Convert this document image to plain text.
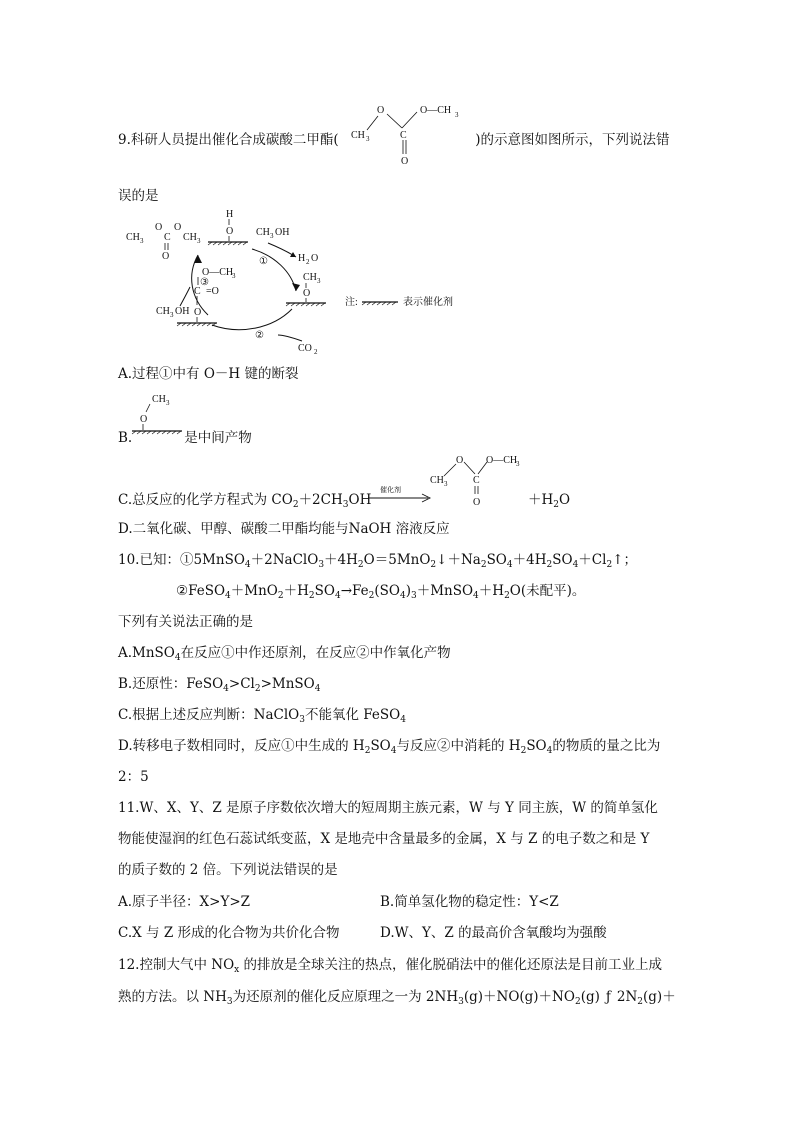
9.科研人员提出催化合成碳酸二甲酯(	)的示意图如图所示，下列说法错
O	O—CH 3
CH 3	C
O
误的是
CH 3
O
C
O
CH 3
O
H
O CH 3 OH
H 2 O
①
CH 3
O
CO 2
②
O—CH
3
C =O
O
③
CH 3 OH
注:	表示催化剂
A.过程①中有 O－H 键的断裂
CH 3
O
B.	是中间产物
C.总反应的化学方程式为 $CO_2+2CH_3OH$
催化剂
O O—CH
3
CH 3	C
O	$+H_2O$
D.二氧化碳、甲醇、碳酸二甲酯均能与NaOH 溶液反应
10.已知：$①5MnSO_4+2NaClO_3+4H_2O=5MnO_2↓+Na_2SO_4+4H_2SO_4+Cl_2↑$；
$②FeSO_4+MnO_2+H_2SO_4\to Fe_2(SO_4)_3+MnSO_4+H_2O$(未配平)。
下列有关说法正确的是
A.MnSO$_4$在反应①中作还原剂，在反应②中作氧化产物
B.还原性：$FeSO_4>Cl_2>MnSO_4$
C.根据上述反应判断：NaClO$_3$不能氧化 FeSO$_4$
D.转移电子数相同时，反应①中生成的 $H_2SO_4$与反应②中消耗的 $H_2SO_4$的物质的量之比为
2：5
11.W、X、Y、Z 是原子序数依次增大的短周期主族元素，W 与 Y 同主族，W 的简单氢化
物能使湿润的红色石蕊试纸变蓝，X 是地壳中含量最多的金属，X 与 Z 的电子数之和是 Y
的质子数的 2 倍。下列说法错误的是
A.原子半径：X>Y>Z	B.简单氢化物的稳定性：Y<Z
C.X 与 Z 形成的化合物为共价化合物	D.W、Y、Z 的最高价含氧酸均为强酸
12.控制大气中 $NO_x$ 的排放是全球关注的热点，催化脱硝法中的催化还原法是目前工业上成
熟的方法。以 $NH_3$为还原剂的催化反应原理之一为 $2NH_3(g)+NO(g)+NO_2(g)$ ƒ $2N_2(g)+$
